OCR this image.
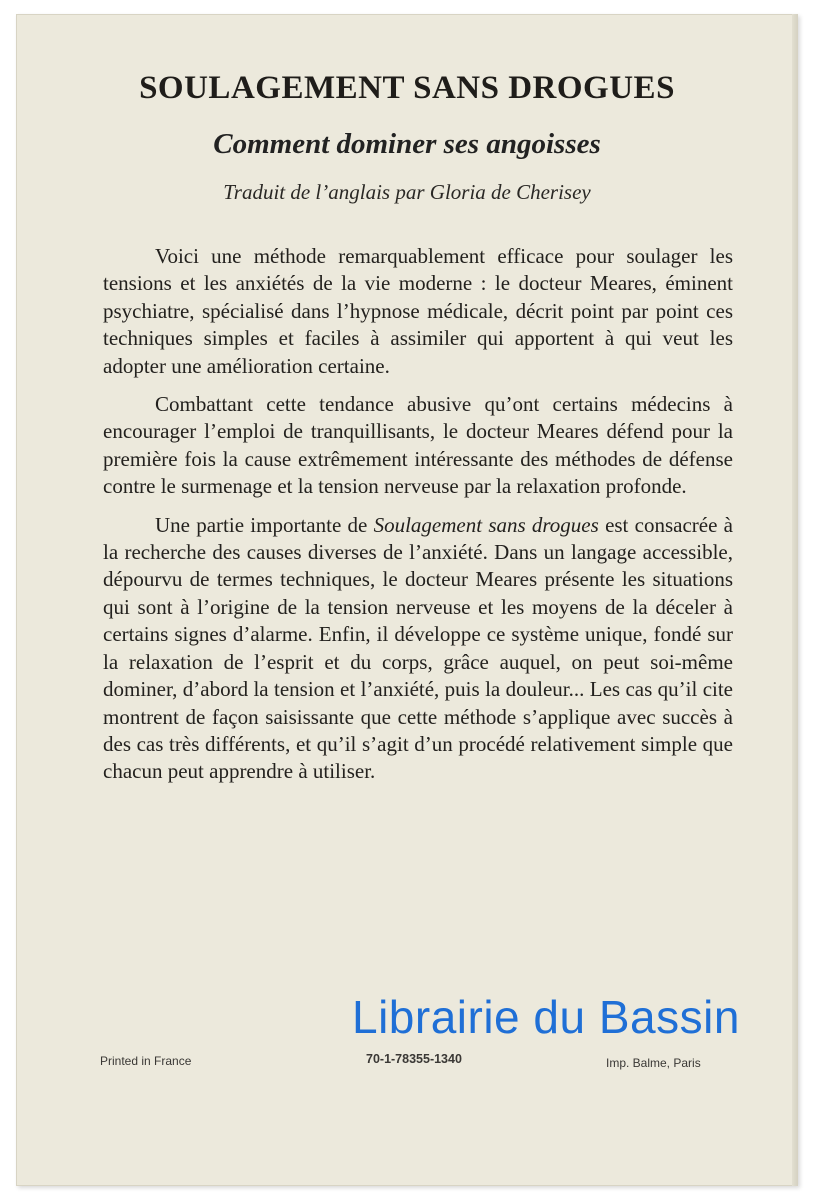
SOULAGEMENT SANS DROGUES
Comment dominer ses angoisses
Traduit de l’anglais par Gloria de Cherisey

Voici une méthode remarquablement efficace pour soulager les tensions et les anxiétés de la vie moderne : le docteur Meares, éminent psychiatre, spécialisé dans l’hypnose médicale, décrit point par point ces techniques simples et faciles à assimiler qui apportent à qui veut les adopter une amélioration certaine.

Combattant cette tendance abusive qu’ont certains médecins à encourager l’emploi de tranquillisants, le docteur Meares défend pour la première fois la cause extrêmement intéressante des méthodes de défense contre le surmenage et la tension nerveuse par la relaxation profonde.

Une partie importante de Soulagement sans drogues est consacrée à la recherche des causes diverses de l’anxiété. Dans un langage accessible, dépourvu de termes techniques, le docteur Meares présente les situations qui sont à l’origine de la tension nerveuse et les moyens de la déceler à certains signes d’alarme. Enfin, il développe ce système unique, fondé sur la relaxation de l’esprit et du corps, grâce auquel, on peut soi-même dominer, d’abord la tension et l’anxiété, puis la douleur... Les cas qu’il cite montrent de façon saisissante que cette méthode s’applique avec succès à des cas très différents, et qu’il s’agit d’un procédé relativement simple que chacun peut apprendre à utiliser.

Printed in France	70-1-78355-1340	Imp. Balme, Paris
Librairie du Bassin
